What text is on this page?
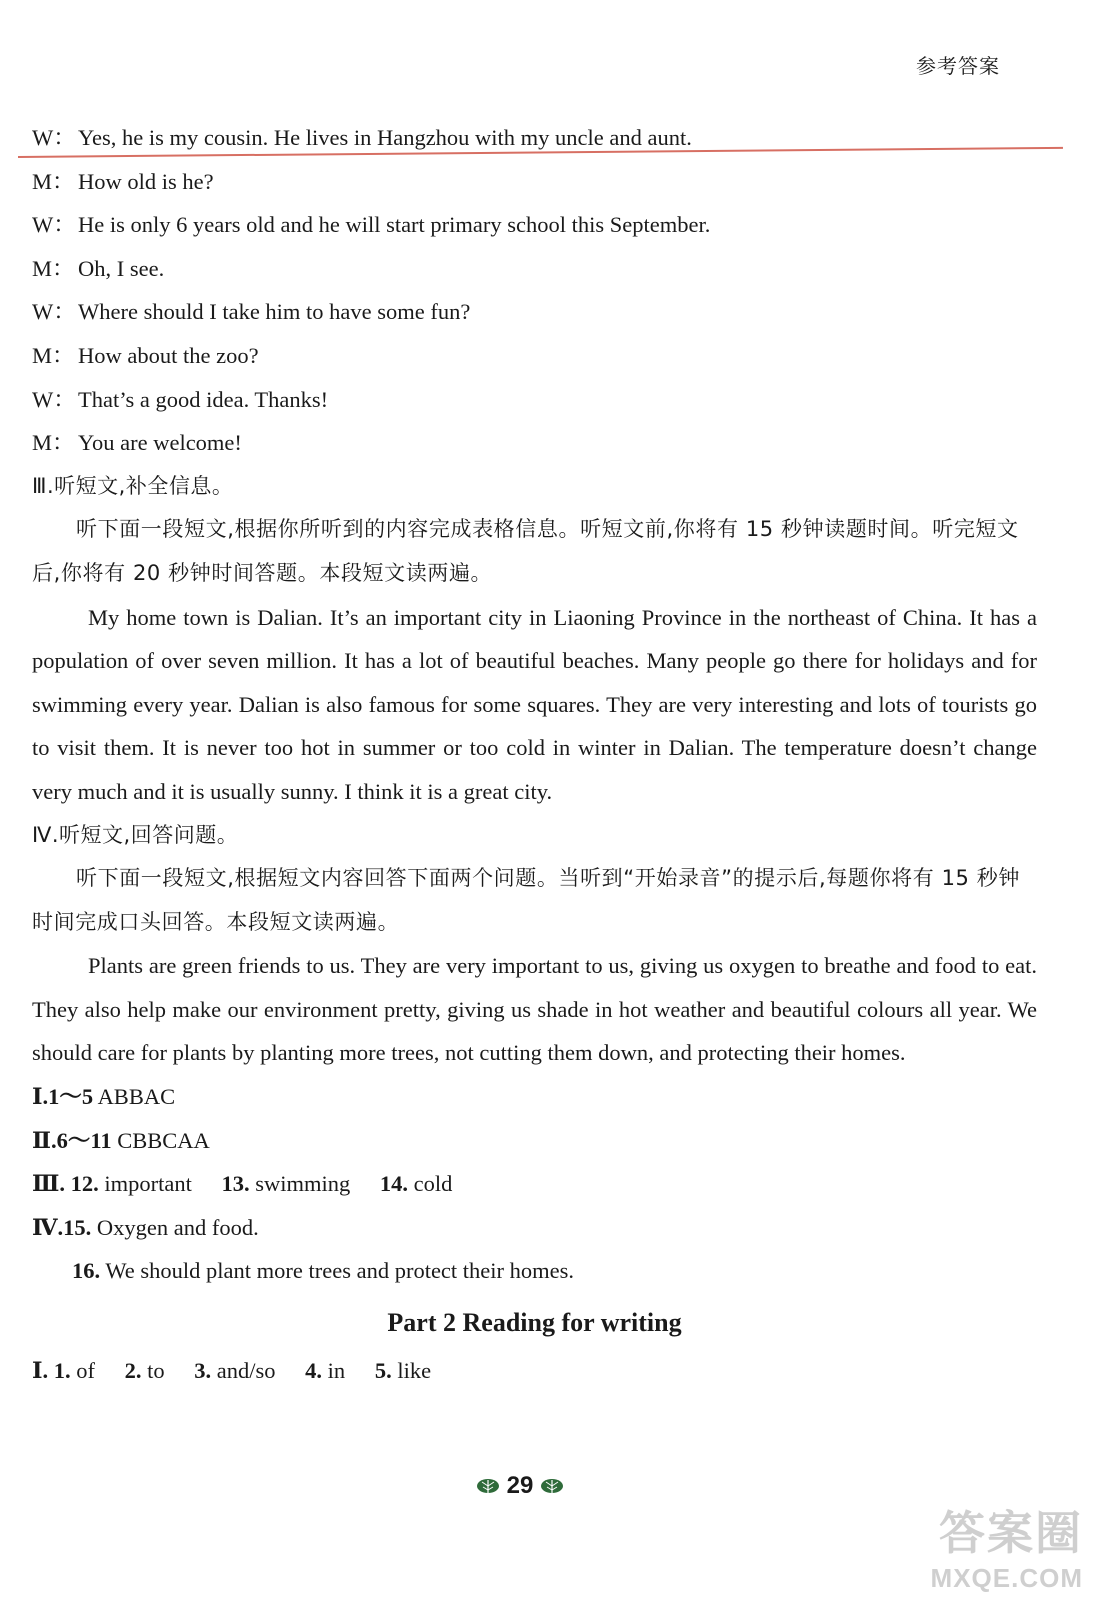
参考答案
W： Yes, he is my cousin. He lives in Hangzhou with my uncle and aunt.
M： How old is he?
W： He is only 6 years old and he will start primary school this September.
M： Oh, I see.
W： Where should I take him to have some fun?
M： How about the zoo?
W： That’s a good idea. Thanks!
M： You are welcome!
Ⅲ.听短文,补全信息。
听下面一段短文,根据你所听到的内容完成表格信息。听短文前,你将有 15 秒钟读题时间。听完短文后,你将有 20 秒钟时间答题。本段短文读两遍。
My home town is Dalian. It’s an important city in Liaoning Province in the northeast of China. It has a population of over seven million. It has a lot of beautiful beaches. Many people go there for holidays and for swimming every year. Dalian is also famous for some squares. They are very interesting and lots of tourists go to visit them. It is never too hot in summer or too cold in winter in Dalian. The temperature doesn’t change very much and it is usually sunny. I think it is a great city.
Ⅳ.听短文,回答问题。
听下面一段短文,根据短文内容回答下面两个问题。当听到“开始录音”的提示后,每题你将有 15 秒钟时间完成口头回答。本段短文读两遍。
Plants are green friends to us. They are very important to us, giving us oxygen to breathe and food to eat. They also help make our environment pretty, giving us shade in hot weather and beautiful colours all year. We should care for plants by planting more trees, not cutting them down, and protecting their homes.
Ⅰ.1～5 ABBAC
Ⅱ.6～11 CBBCAA
Ⅲ. 12. important 13. swimming 14. cold
Ⅳ.15. Oxygen and food.
16. We should plant more trees and protect their homes.
Part 2 Reading for writing
Ⅰ. 1. of 2. to 3. and/so 4. in 5. like
29
答案圈
MXQE.COM
